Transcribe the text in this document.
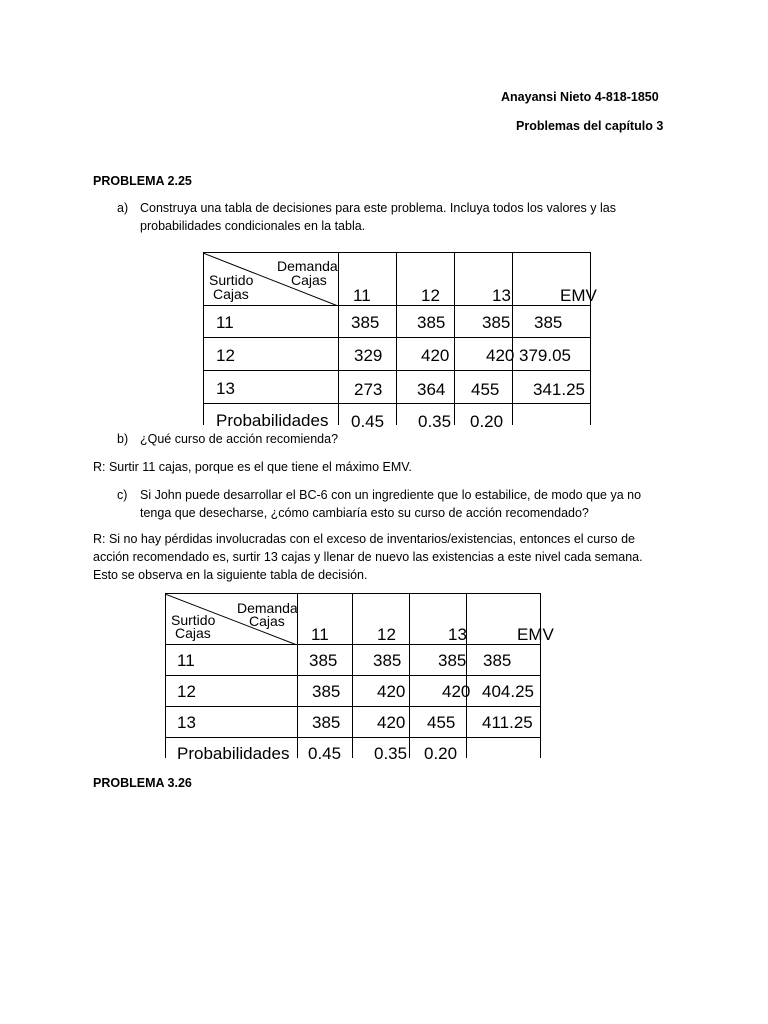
Anayansi Nieto 4-818-1850
Problemas del capítulo 3
PROBLEMA 2.25
a) Construya una tabla de decisiones para este problema. Incluya todos los valores y las
probabilidades condicionales en la tabla.
Demanda
Cajas
Surtido
Cajas	11	12	13	EMV
11	385 385 385 385
12	329 420 420 379.05
13	273 364 455 341.25
Probabilidades 0.45 0.35 0.20
b) ¿Qué curso de acción recomienda?
R: Surtir 11 cajas, porque es el que tiene el máximo EMV.
c) Si John puede desarrollar el BC-6 con un ingrediente que lo estabilice, de modo que ya no
tenga que desecharse, ¿cómo cambiaría esto su curso de acción recomendado?
R: Si no hay pérdidas involucradas con el exceso de inventarios/existencias, entonces el curso de
acción recomendado es, surtir 13 cajas y llenar de nuevo las existencias a este nivel cada semana.
Esto se observa en la siguiente tabla de decisión.
Demanda
Cajas
Surtido
Cajas	11	12	13	EMV
11	385 385 385 385
12	385 420 420 404.25
13	385 420 455 411.25
Probabilidades 0.45 0.35 0.20
PROBLEMA 3.26
